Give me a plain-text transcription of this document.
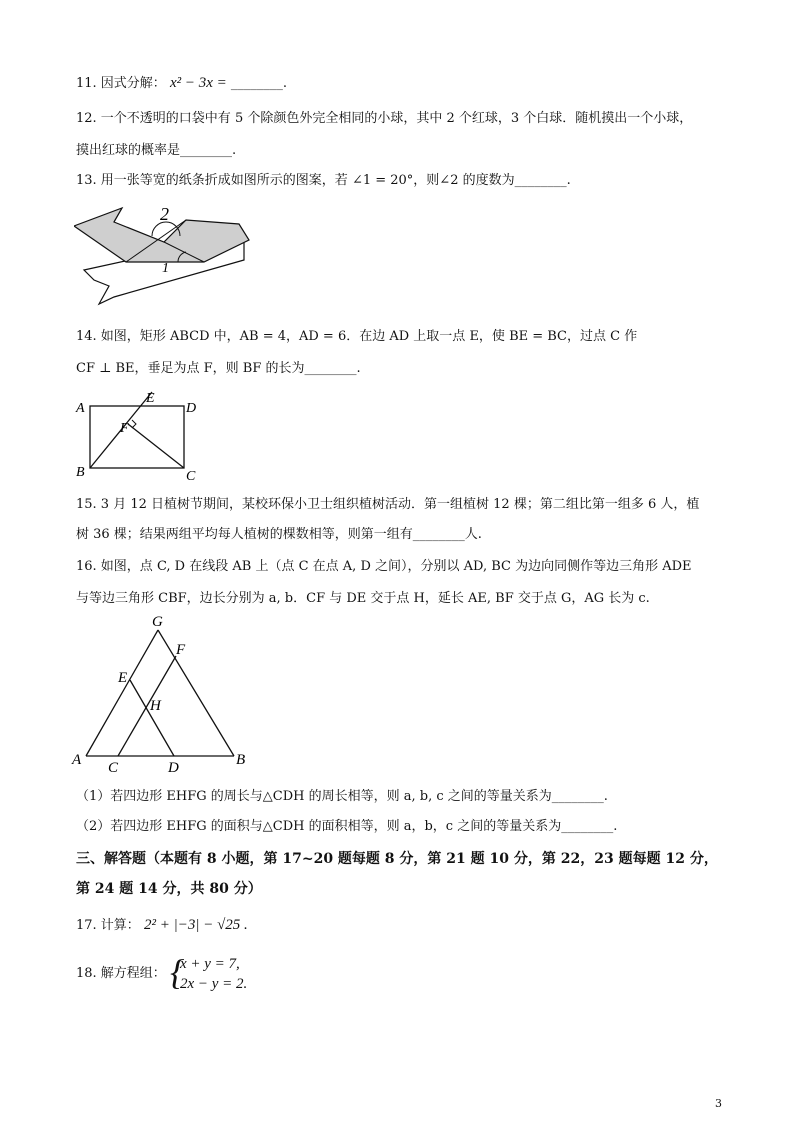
11. 因式分解： x² − 3x = ________.
12. 一个不透明的口袋中有 5 个除颜色外完全相同的小球，其中 2 个红球，3 个白球．随机摸出一个小球，
摸出红球的概率是________.
13. 用一张等宽的纸条折成如图所示的图案，若 ∠1 = 20°，则∠2 的度数为________.
2
1
14. 如图，矩形 ABCD 中，AB = 4，AD = 6．在边 AD 上取一点 E，使 BE = BC，过点 C 作
CF ⊥ BE，垂足为点 F，则 BF 的长为________.
A	D
E
F
B	C
15. 3 月 12 日植树节期间，某校环保小卫士组织植树活动．第一组植树 12 棵；第二组比第一组多 6 人，植
树 36 棵；结果两组平均每人植树的棵数相等，则第一组有________人.
16. 如图，点 C, D 在线段 AB 上（点 C 在点 A, D 之间），分别以 AD, BC 为边向同侧作等边三角形 ADE
与等边三角形 CBF，边长分别为 a, b．CF 与 DE 交于点 H，延长 AE, BF 交于点 G，AG 长为 c.
G
F
E
H
A C	D	B
（1）若四边形 EHFG 的周长与△CDH 的周长相等，则 a, b, c 之间的等量关系为________.
（2）若四边形 EHFG 的面积与△CDH 的面积相等，则 a，b，c 之间的等量关系为________.
三、解答题（本题有 8 小题，第 17~20 题每题 8 分，第 21 题 10 分，第 22，23 题每题 12 分，
第 24 题 14 分，共 80 分）
17. 计算： 2² + |−3| − √25 .
18. 解方程组： {
x + y = 7,
2x − y = 2.
3
